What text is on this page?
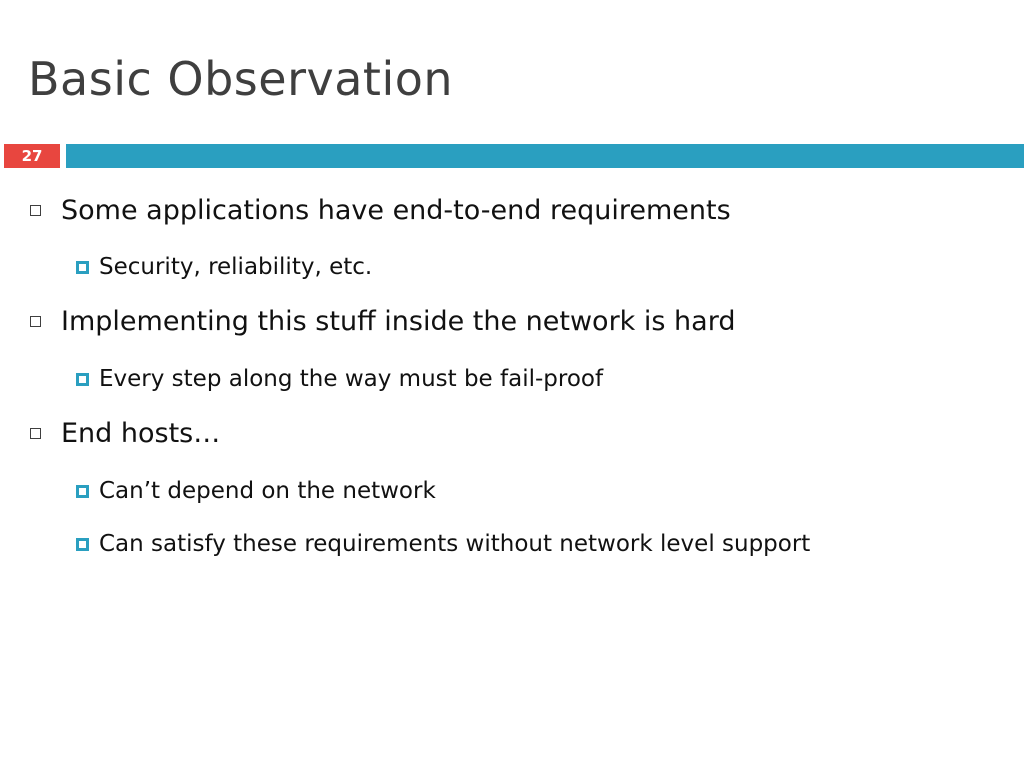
Basic Observation
27
Some applications have end-to-end requirements
Security, reliability, etc.
Implementing this stuff inside the network is hard
Every step along the way must be fail-proof
End hosts…
Can’t depend on the network
Can satisfy these requirements without network level support
